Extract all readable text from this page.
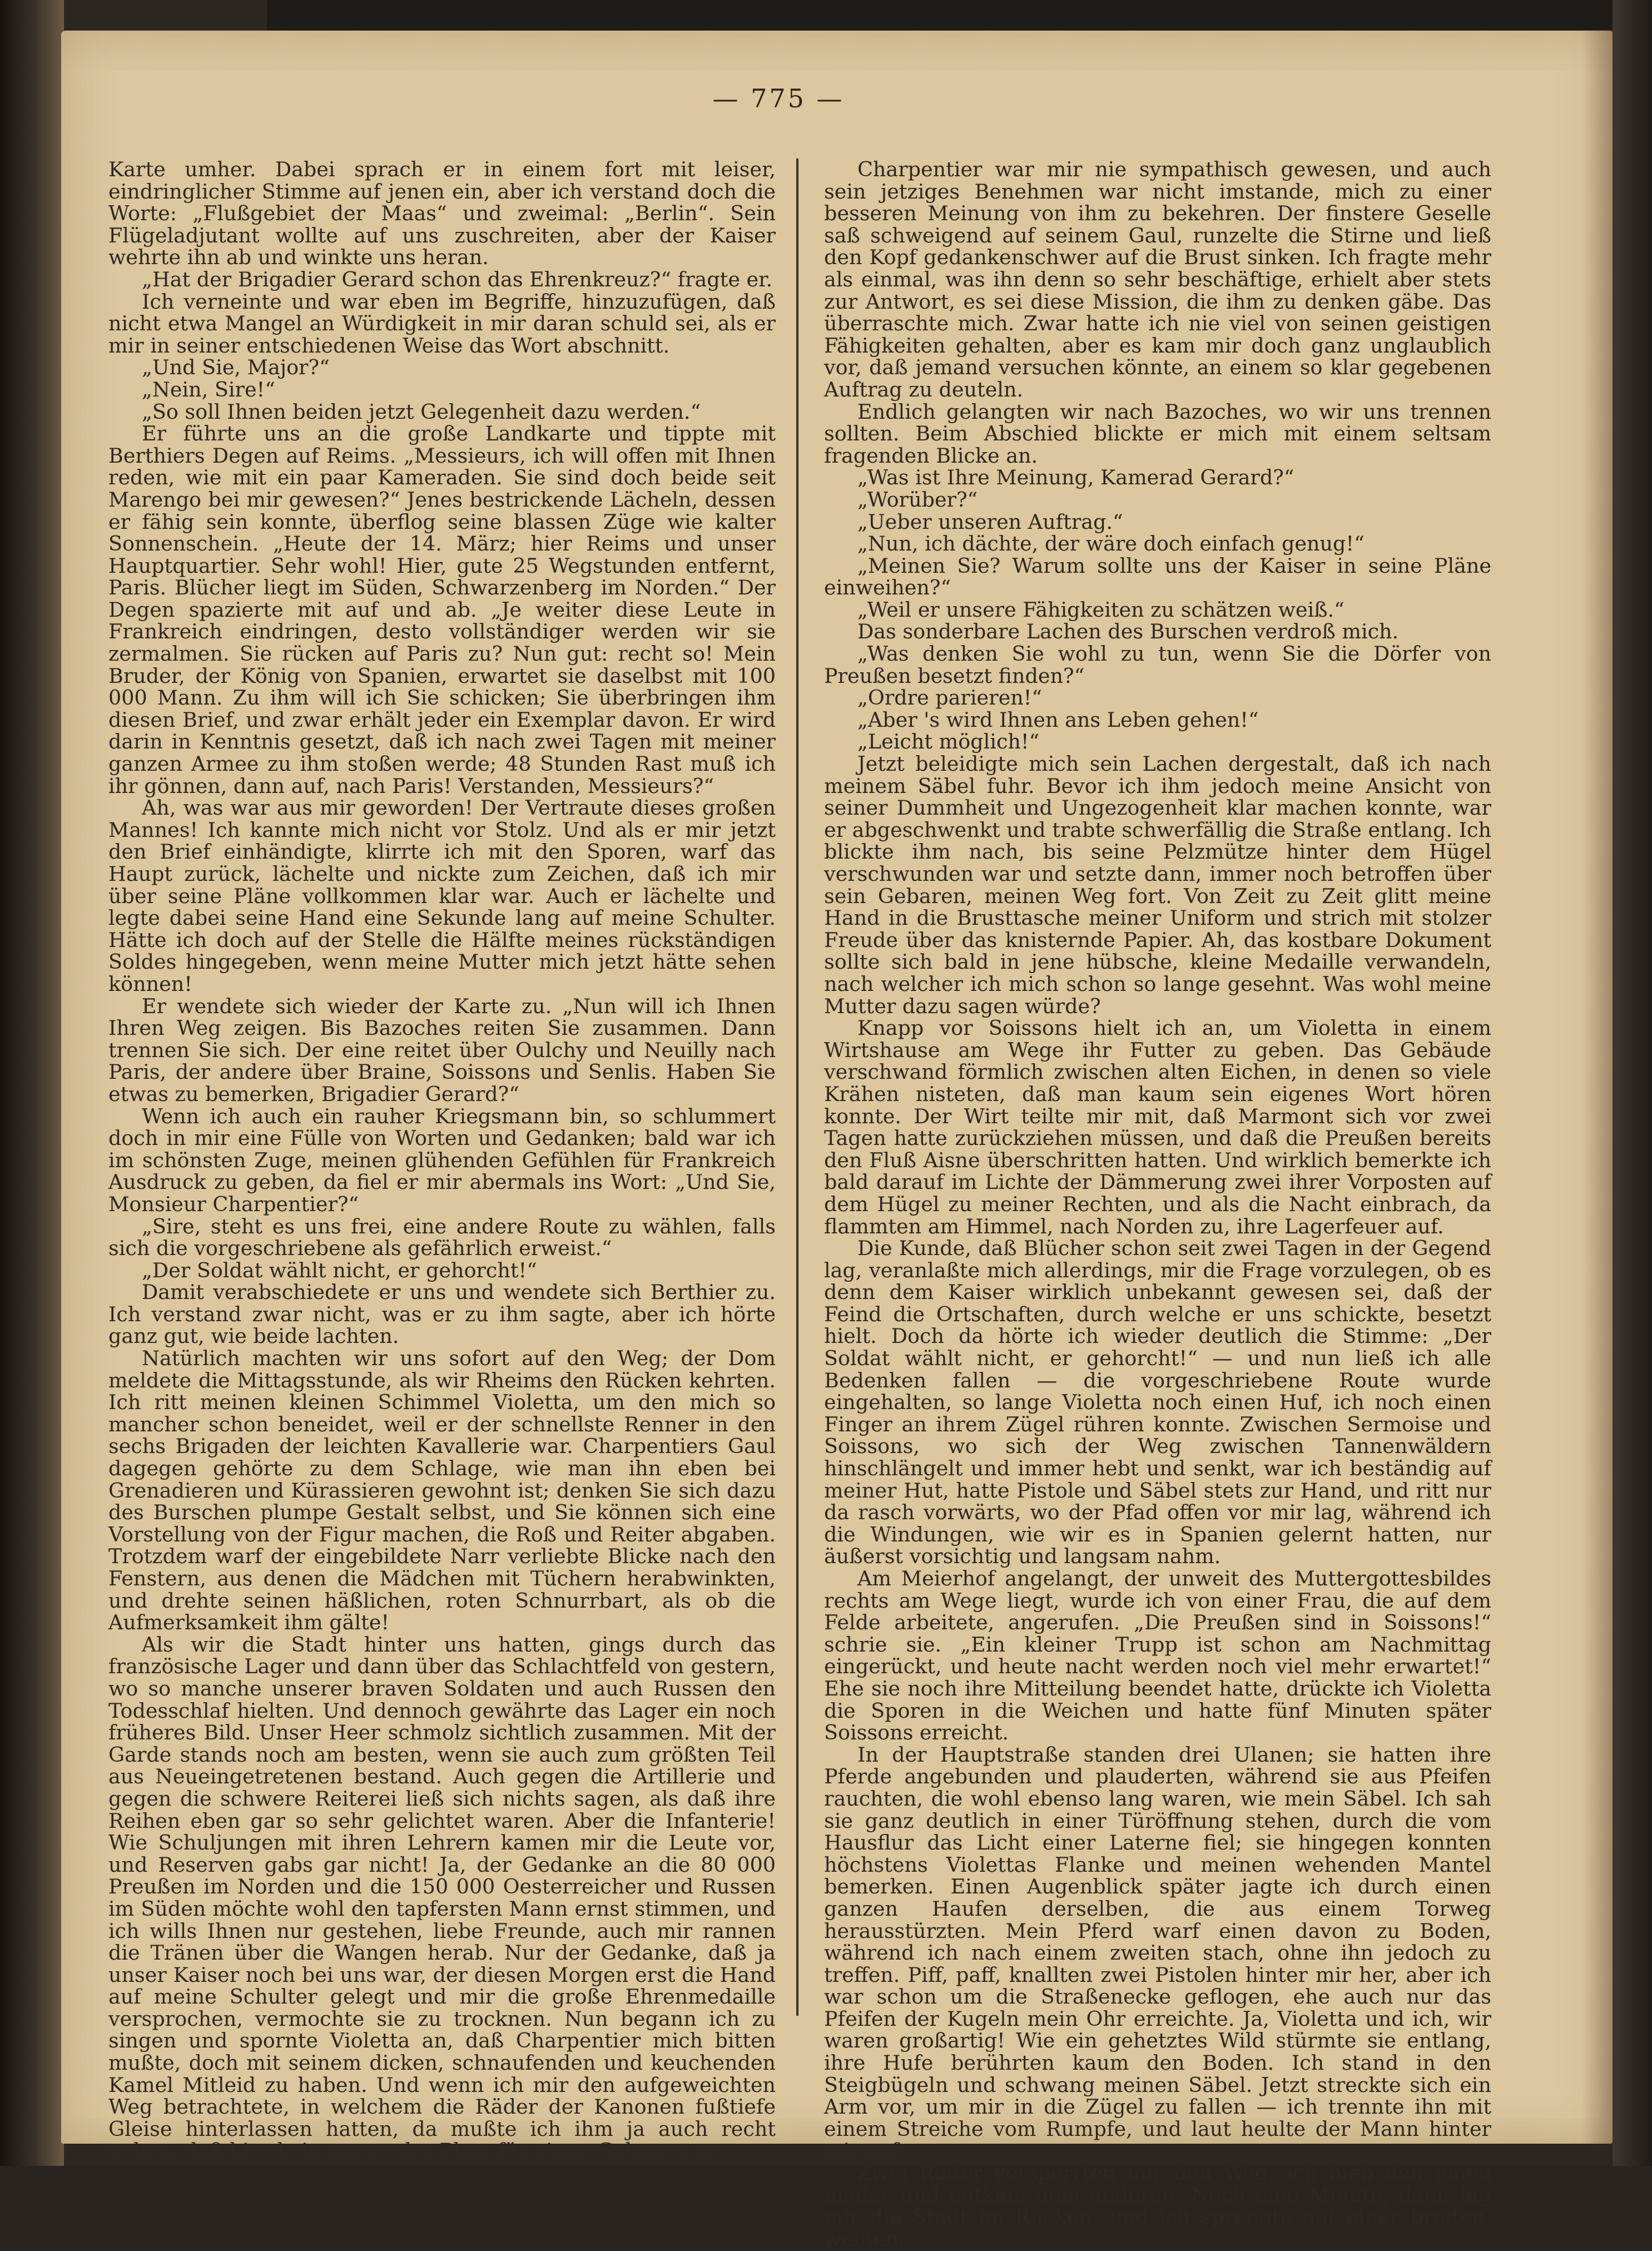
— 775 —

Karte umher. Dabei sprach er in einem fort mit leiser, eindringlicher Stimme auf jenen ein, aber ich verstand doch die Worte: „Flußgebiet der Maas“ und zweimal: „Berlin“. Sein Flügeladjutant wollte auf uns zuschreiten, aber der Kaiser wehrte ihn ab und winkte uns heran.

„Hat der Brigadier Gerard schon das Ehrenkreuz?“ fragte er.

Ich verneinte und war eben im Begriffe, hinzuzufügen, daß nicht etwa Mangel an Würdigkeit in mir daran schuld sei, als er mir in seiner entschiedenen Weise das Wort abschnitt.

„Und Sie, Major?“

„Nein, Sire!“

„So soll Ihnen beiden jetzt Gelegenheit dazu werden.“

Er führte uns an die große Landkarte und tippte mit Berthiers Degen auf Reims. „Messieurs, ich will offen mit Ihnen reden, wie mit ein paar Kameraden. Sie sind doch beide seit Marengo bei mir gewesen?“ Jenes bestrickende Lächeln, dessen er fähig sein konnte, überflog seine blassen Züge wie kalter Sonnenschein. „Heute der 14. März; hier Reims und unser Hauptquartier. Sehr wohl! Hier, gute 25 Wegstunden entfernt, Paris. Blücher liegt im Süden, Schwarzenberg im Norden.“ Der Degen spazierte mit auf und ab. „Je weiter diese Leute in Frankreich eindringen, desto vollständiger werden wir sie zermalmen. Sie rücken auf Paris zu? Nun gut: recht so! Mein Bruder, der König von Spanien, erwartet sie daselbst mit 100 000 Mann. Zu ihm will ich Sie schicken; Sie überbringen ihm diesen Brief, und zwar erhält jeder ein Exemplar davon. Er wird darin in Kenntnis gesetzt, daß ich nach zwei Tagen mit meiner ganzen Armee zu ihm stoßen werde; 48 Stunden Rast muß ich ihr gönnen, dann auf, nach Paris! Verstanden, Messieurs?“

Ah, was war aus mir geworden! Der Vertraute dieses großen Mannes! Ich kannte mich nicht vor Stolz. Und als er mir jetzt den Brief einhändigte, klirrte ich mit den Sporen, warf das Haupt zurück, lächelte und nickte zum Zeichen, daß ich mir über seine Pläne vollkommen klar war. Auch er lächelte und legte dabei seine Hand eine Sekunde lang auf meine Schulter. Hätte ich doch auf der Stelle die Hälfte meines rückständigen Soldes hingegeben, wenn meine Mutter mich jetzt hätte sehen können!

Er wendete sich wieder der Karte zu. „Nun will ich Ihnen Ihren Weg zeigen. Bis Bazoches reiten Sie zusammen. Dann trennen Sie sich. Der eine reitet über Oulchy und Neuilly nach Paris, der andere über Braine, Soissons und Senlis. Haben Sie etwas zu bemerken, Brigadier Gerard?“

Wenn ich auch ein rauher Kriegsmann bin, so schlummert doch in mir eine Fülle von Worten und Gedanken; bald war ich im schönsten Zuge, meinen glühenden Gefühlen für Frankreich Ausdruck zu geben, da fiel er mir abermals ins Wort: „Und Sie, Monsieur Charpentier?“

„Sire, steht es uns frei, eine andere Route zu wählen, falls sich die vorgeschriebene als gefährlich erweist.“

„Der Soldat wählt nicht, er gehorcht!“

Damit verabschiedete er uns und wendete sich Berthier zu. Ich verstand zwar nicht, was er zu ihm sagte, aber ich hörte ganz gut, wie beide lachten.

Natürlich machten wir uns sofort auf den Weg; der Dom meldete die Mittagsstunde, als wir Rheims den Rücken kehrten. Ich ritt meinen kleinen Schimmel Violetta, um den mich so mancher schon beneidet, weil er der schnellste Renner in den sechs Brigaden der leichten Kavallerie war. Charpentiers Gaul dagegen gehörte zu dem Schlage, wie man ihn eben bei Grenadieren und Kürassieren gewohnt ist; denken Sie sich dazu des Burschen plumpe Gestalt selbst, und Sie können sich eine Vorstellung von der Figur machen, die Roß und Reiter abgaben. Trotzdem warf der eingebildete Narr verliebte Blicke nach den Fenstern, aus denen die Mädchen mit Tüchern herabwinkten, und drehte seinen häßlichen, roten Schnurrbart, als ob die Aufmerksamkeit ihm gälte!

Als wir die Stadt hinter uns hatten, gings durch das französische Lager und dann über das Schlachtfeld von gestern, wo so manche unserer braven Soldaten und auch Russen den Todesschlaf hielten. Und dennoch gewährte das Lager ein noch früheres Bild. Unser Heer schmolz sichtlich zusammen. Mit der Garde stands noch am besten, wenn sie auch zum größten Teil aus Neueingetretenen bestand. Auch gegen die Artillerie und gegen die schwere Reiterei ließ sich nichts sagen, als daß ihre Reihen eben gar so sehr gelichtet waren. Aber die Infanterie! Wie Schuljungen mit ihren Lehrern kamen mir die Leute vor, und Reserven gabs gar nicht! Ja, der Gedanke an die 80 000 Preußen im Norden und die 150 000 Oesterreicher und Russen im Süden möchte wohl den tapfersten Mann ernst stimmen, und ich wills Ihnen nur gestehen, liebe Freunde, auch mir rannen die Tränen über die Wangen herab. Nur der Gedanke, daß ja unser Kaiser noch bei uns war, der diesen Morgen erst die Hand auf meine Schulter gelegt und mir die große Ehrenmedaille versprochen, vermochte sie zu trocknen. Nun begann ich zu singen und spornte Violetta an, daß Charpentier mich bitten mußte, doch mit seinem dicken, schnaufenden und keuchenden Kamel Mitleid zu haben. Und wenn ich mir den aufgeweichten Weg betrachtete, in welchem die Räder der Kanonen fußtiefe Gleise hinterlassen hatten, da mußte ich ihm ja auch recht geben, daß hier kein passender Platz für einen Galopp war.

Charpentier war mir nie sympathisch gewesen, und auch sein jetziges Benehmen war nicht imstande, mich zu einer besseren Meinung von ihm zu bekehren. Der finstere Geselle saß schweigend auf seinem Gaul, runzelte die Stirne und ließ den Kopf gedankenschwer auf die Brust sinken. Ich fragte mehr als einmal, was ihn denn so sehr beschäftige, erhielt aber stets zur Antwort, es sei diese Mission, die ihm zu denken gäbe. Das überraschte mich. Zwar hatte ich nie viel von seinen geistigen Fähigkeiten gehalten, aber es kam mir doch ganz unglaublich vor, daß jemand versuchen könnte, an einem so klar gegebenen Auftrag zu deuteln.

Endlich gelangten wir nach Bazoches, wo wir uns trennen sollten. Beim Abschied blickte er mich mit einem seltsam fragenden Blicke an.

„Was ist Ihre Meinung, Kamerad Gerard?“

„Worüber?“

„Ueber unseren Auftrag.“

„Nun, ich dächte, der wäre doch einfach genug!“

„Meinen Sie? Warum sollte uns der Kaiser in seine Pläne einweihen?“

„Weil er unsere Fähigkeiten zu schätzen weiß.“

Das sonderbare Lachen des Burschen verdroß mich.

„Was denken Sie wohl zu tun, wenn Sie die Dörfer von Preußen besetzt finden?“

„Ordre parieren!“

„Aber 's wird Ihnen ans Leben gehen!“

„Leicht möglich!“

Jetzt beleidigte mich sein Lachen dergestalt, daß ich nach meinem Säbel fuhr. Bevor ich ihm jedoch meine Ansicht von seiner Dummheit und Ungezogenheit klar machen konnte, war er abgeschwenkt und trabte schwerfällig die Straße entlang. Ich blickte ihm nach, bis seine Pelzmütze hinter dem Hügel verschwunden war und setzte dann, immer noch betroffen über sein Gebaren, meinen Weg fort. Von Zeit zu Zeit glitt meine Hand in die Brusttasche meiner Uniform und strich mit stolzer Freude über das knisternde Papier. Ah, das kostbare Dokument sollte sich bald in jene hübsche, kleine Medaille verwandeln, nach welcher ich mich schon so lange gesehnt. Was wohl meine Mutter dazu sagen würde?

Knapp vor Soissons hielt ich an, um Violetta in einem Wirtshause am Wege ihr Futter zu geben. Das Gebäude verschwand förmlich zwischen alten Eichen, in denen so viele Krähen nisteten, daß man kaum sein eigenes Wort hören konnte. Der Wirt teilte mir mit, daß Marmont sich vor zwei Tagen hatte zurückziehen müssen, und daß die Preußen bereits den Fluß Aisne überschritten hatten. Und wirklich bemerkte ich bald darauf im Lichte der Dämmerung zwei ihrer Vorposten auf dem Hügel zu meiner Rechten, und als die Nacht einbrach, da flammten am Himmel, nach Norden zu, ihre Lagerfeuer auf.

Die Kunde, daß Blücher schon seit zwei Tagen in der Gegend lag, veranlaßte mich allerdings, mir die Frage vorzulegen, ob es denn dem Kaiser wirklich unbekannt gewesen sei, daß der Feind die Ortschaften, durch welche er uns schickte, besetzt hielt. Doch da hörte ich wieder deutlich die Stimme: „Der Soldat wählt nicht, er gehorcht!“ — und nun ließ ich alle Bedenken fallen — die vorgeschriebene Route wurde eingehalten, so lange Violetta noch einen Huf, ich noch einen Finger an ihrem Zügel rühren konnte. Zwischen Sermoise und Soissons, wo sich der Weg zwischen Tannenwäldern hinschlängelt und immer hebt und senkt, war ich beständig auf meiner Hut, hatte Pistole und Säbel stets zur Hand, und ritt nur da rasch vorwärts, wo der Pfad offen vor mir lag, während ich die Windungen, wie wir es in Spanien gelernt hatten, nur äußerst vorsichtig und langsam nahm.

Am Meierhof angelangt, der unweit des Muttergottesbildes rechts am Wege liegt, wurde ich von einer Frau, die auf dem Felde arbeitete, angerufen. „Die Preußen sind in Soissons!“ schrie sie. „Ein kleiner Trupp ist schon am Nachmittag eingerückt, und heute nacht werden noch viel mehr erwartet!“ Ehe sie noch ihre Mitteilung beendet hatte, drückte ich Violetta die Sporen in die Weichen und hatte fünf Minuten später Soissons erreicht.

In der Hauptstraße standen drei Ulanen; sie hatten ihre Pferde angebunden und plauderten, während sie aus Pfeifen rauchten, die wohl ebenso lang waren, wie mein Säbel. Ich sah sie ganz deutlich in einer Türöffnung stehen, durch die vom Hausflur das Licht einer Laterne fiel; sie hingegen konnten höchstens Violettas Flanke und meinen wehenden Mantel bemerken. Einen Augenblick später jagte ich durch einen ganzen Haufen derselben, die aus einem Torweg herausstürzten. Mein Pferd warf einen davon zu Boden, während ich nach einem zweiten stach, ohne ihn jedoch zu treffen. Piff, paff, knallten zwei Pistolen hinter mir her, aber ich war schon um die Straßenecke geflogen, ehe auch nur das Pfeifen der Kugeln mein Ohr erreichte. Ja, Violetta und ich, wir waren großartig! Wie ein gehetztes Wild stürmte sie entlang, ihre Hufe berührten kaum den Boden. Ich stand in den Steigbügeln und schwang meinen Säbel. Jetzt streckte sich ein Arm vor, um mir in die Zügel zu fallen — ich trennte ihn mit einem Streiche vom Rumpfe, und laut heulte der Mann hinter mir auf.

Zwei Reiter versperrten mir den Weg; ich hieb den einen nieder und entkam dem anderen. Noch eine Minute, dann lag mir die Stadt im Rücken, und ich sprengte auf einer breiten, weißen,
